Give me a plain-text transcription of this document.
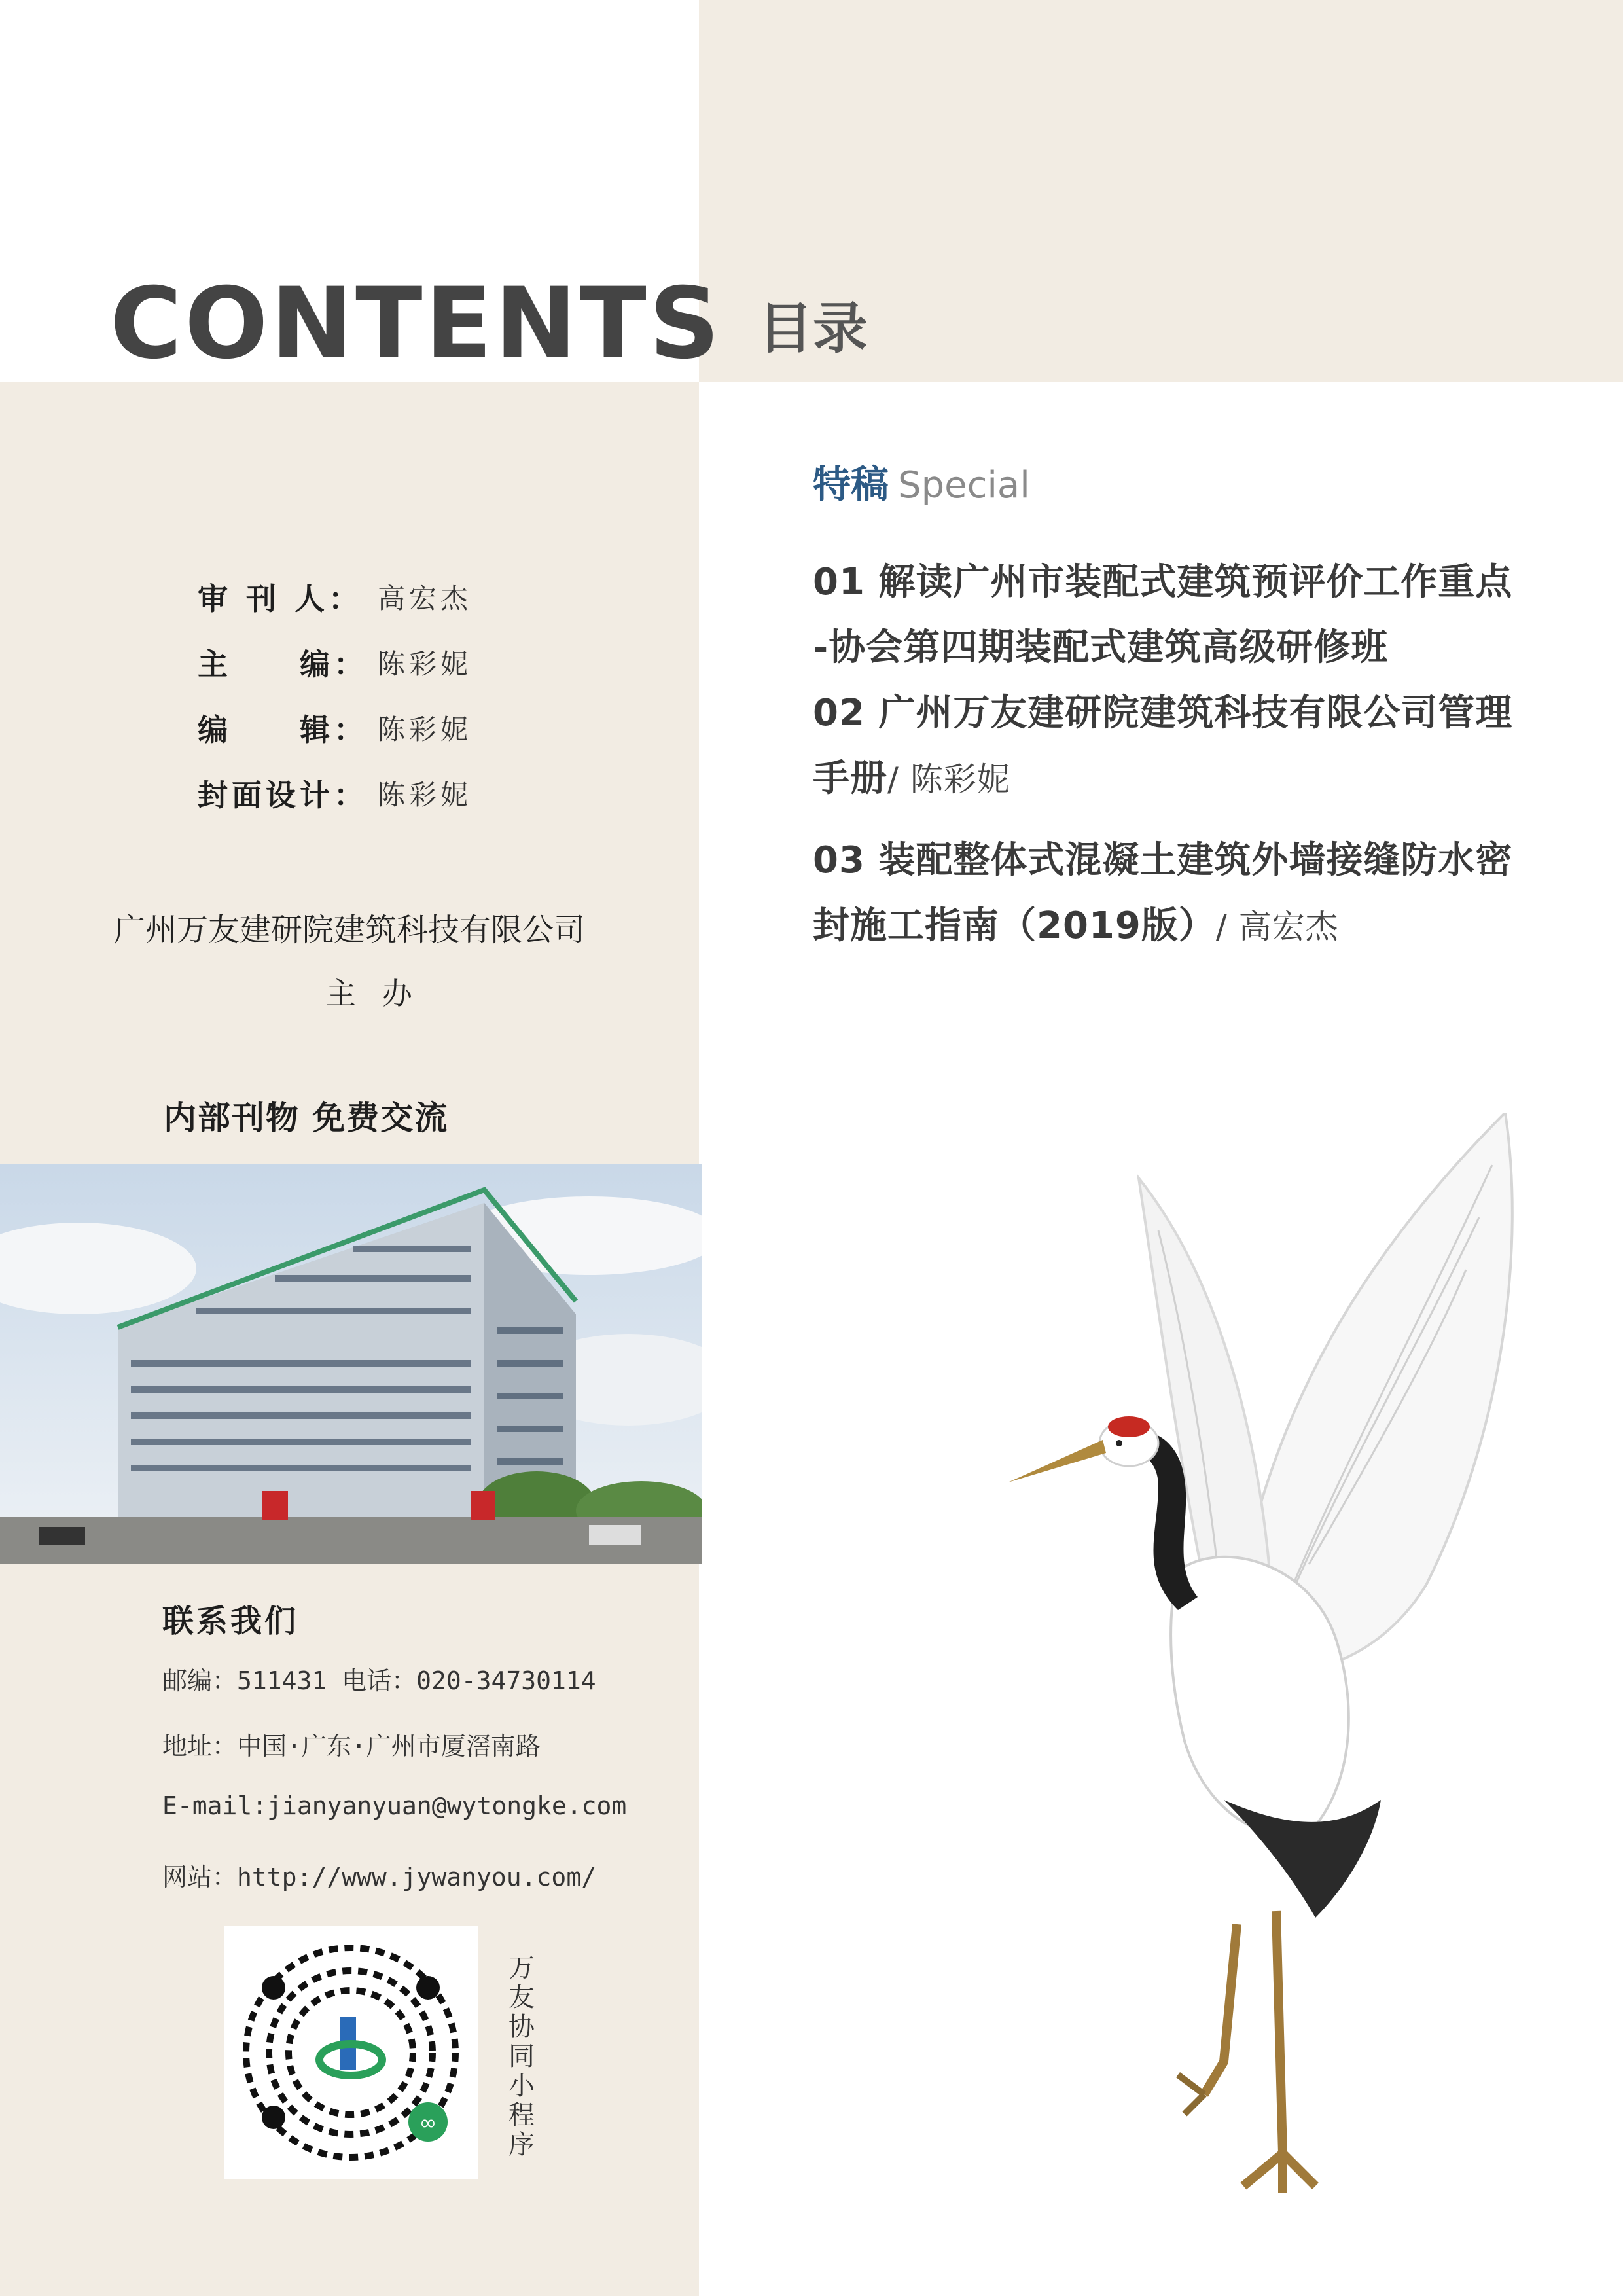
CONTENTS 目录
审 刊 人： 高宏杰
主　　编： 陈彩妮
编　　辑： 陈彩妮
封面设计： 陈彩妮
广州万友建研院建筑科技有限公司
主办
内部刊物 免费交流
联系我们
邮编：511431 电话：020-34730114
地址：中国·广东·广州市厦滘南路
E-mail:jianyanyuan@wytongke.com
网站：http://www.jywanyou.com/
∞
万友协同小程序
特稿 Special
01 解读广州市装配式建筑预评价工作重点
-协会第四期装配式建筑高级研修班
02 广州万友建研院建筑科技有限公司管理
手册/ 陈彩妮
03 装配整体式混凝土建筑外墙接缝防水密
封施工指南（2019版）/ 高宏杰
